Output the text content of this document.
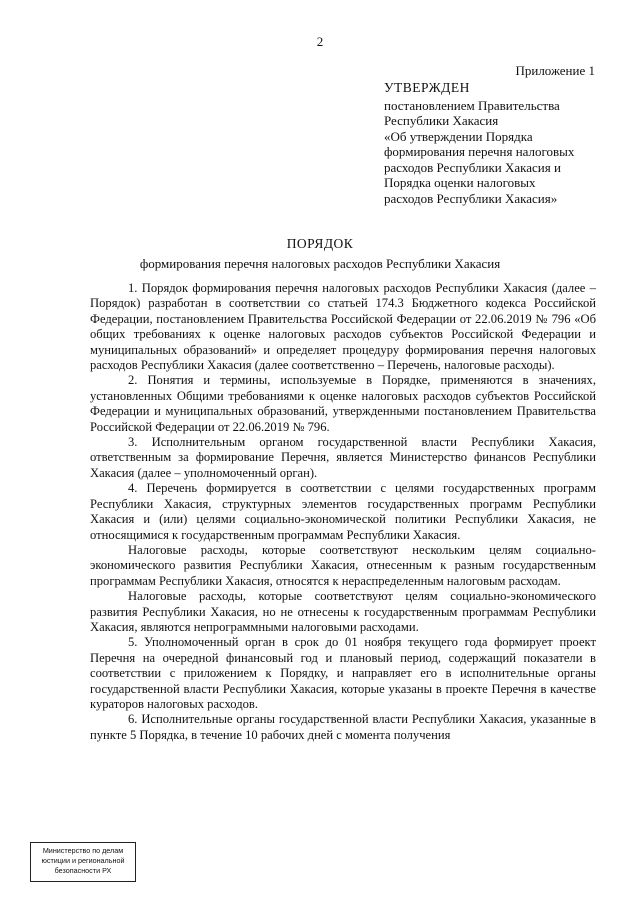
2
Приложение 1
УТВЕРЖДЕН
постановлением Правительства
Республики Хакасия
«Об утверждении Порядка
формирования перечня налоговых
расходов Республики Хакасия и
Порядка оценки налоговых
расходов Республики Хакасия»
ПОРЯДОК
формирования перечня налоговых расходов Республики Хакасия

1. Порядок формирования перечня налоговых расходов Республики Хакасия (далее – Порядок) разработан в соответствии со статьей 174.3 Бюджетного кодекса Российской Федерации, постановлением Правительства Российской Федерации от 22.06.2019 № 796 «Об общих требованиях к оценке налоговых расходов субъектов Российской Федерации и муниципальных образований» и определяет процедуру формирования перечня налоговых расходов Республики Хакасия (далее соответственно – Перечень, налоговые расходы).

2. Понятия и термины, используемые в Порядке, применяются в значениях, установленных Общими требованиями к оценке налоговых расходов субъектов Российской Федерации и муниципальных образований, утвержденными постановлением Правительства Российской Федерации от 22.06.2019 № 796.

3. Исполнительным органом государственной власти Республики Хакасия, ответственным за формирование Перечня, является Министерство финансов Республики Хакасия (далее – уполномоченный орган).

4. Перечень формируется в соответствии с целями государственных программ Республики Хакасия, структурных элементов государственных программ Республики Хакасия и (или) целями социально-экономической политики Республики Хакасия, не относящимися к государственным программам Республики Хакасия.

Налоговые расходы, которые соответствуют нескольким целям социально-экономического развития Республики Хакасия, отнесенным к разным государственным программам Республики Хакасия, относятся к нераспределенным налоговым расходам.

Налоговые расходы, которые соответствуют целям социально-экономического развития Республики Хакасия, но не отнесены к государственным программам Республики Хакасия, являются непрограммными налоговыми расходами.

5. Уполномоченный орган в срок до 01 ноября текущего года формирует проект Перечня на очередной финансовый год и плановый период, содержащий показатели в соответствии с приложением к Порядку, и направляет его в исполнительные органы государственной власти Республики Хакасия, которые указаны в проекте Перечня в качестве кураторов налоговых расходов.

6. Исполнительные органы государственной власти Республики Хакасия, указанные в пункте 5 Порядка, в течение 10 рабочих дней с момента получения

Министерство по делам
юстиции и региональной
безопасности РХ
